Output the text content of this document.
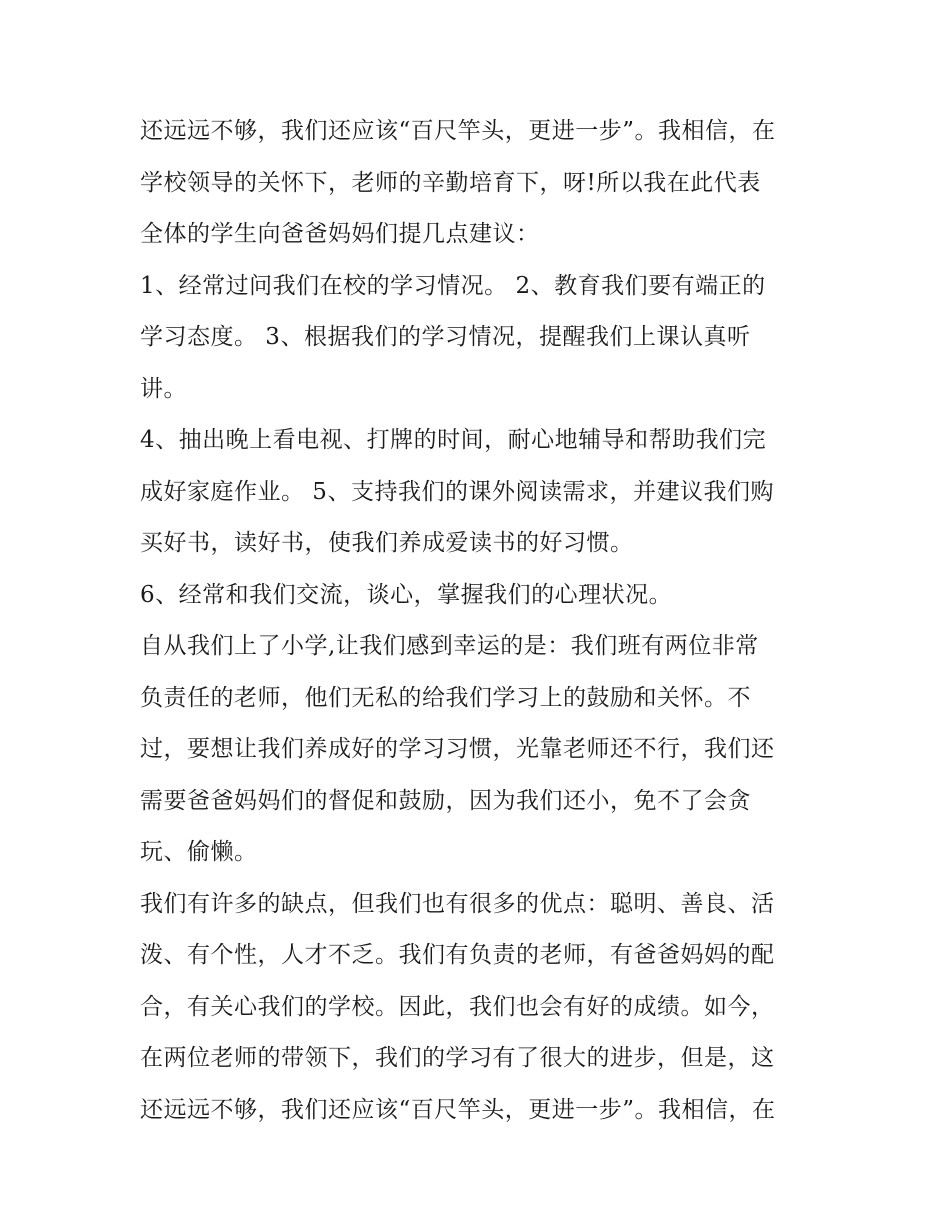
还远远不够，我们还应该“百尺竿头，更进一步”。我相信，在
学校领导的关怀下，老师的辛勤培育下，呀!所以我在此代表
全体的学生向爸爸妈妈们提几点建议：
1、经常过问我们在校的学习情况。 2、教育我们要有端正的
学习态度。 3、根据我们的学习情况，提醒我们上课认真听
讲。
4、抽出晚上看电视、打牌的时间，耐心地辅导和帮助我们完
成好家庭作业。 5、支持我们的课外阅读需求，并建议我们购
买好书，读好书，使我们养成爱读书的好习惯。
6、经常和我们交流，谈心，掌握我们的心理状况。
自从我们上了小学,让我们感到幸运的是：我们班有两位非常
负责任的老师，他们无私的给我们学习上的鼓励和关怀。不
过，要想让我们养成好的学习习惯，光靠老师还不行，我们还
需要爸爸妈妈们的督促和鼓励，因为我们还小，免不了会贪
玩、偷懒。
我们有许多的缺点，但我们也有很多的优点：聪明、善良、活
泼、有个性，人才不乏。我们有负责的老师，有爸爸妈妈的配
合，有关心我们的学校。因此，我们也会有好的成绩。如今，
在两位老师的带领下，我们的学习有了很大的进步，但是，这
还远远不够，我们还应该“百尺竿头，更进一步”。我相信，在
